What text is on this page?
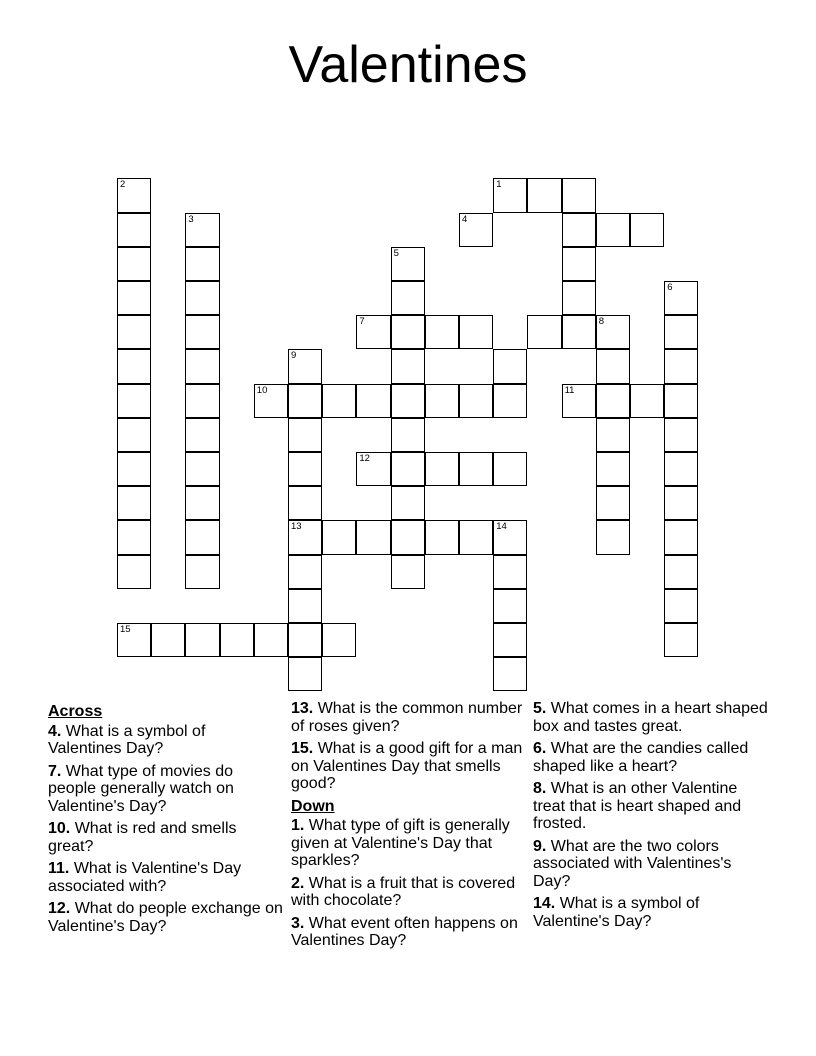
Valentines
1
4
2
3
5
6
7	8
9
10	11
12
13	14
15
Across
4. What is a symbol of Valentines Day?
7. What type of movies do people generally watch on Valentine's Day?
10. What is red and smells great?
11. What is Valentine's Day associated with?
12. What do people exchange on Valentine's Day?
13. What is the common number of roses given?
15. What is a good gift for a man on Valentines Day that smells good?
Down
1. What type of gift is generally given at Valentine's Day that sparkles?
2. What is a fruit that is covered with chocolate?
3. What event often happens on Valentines Day?
5. What comes in a heart shaped box and tastes great.
6. What are the candies called shaped like a heart?
8. What is an other Valentine treat that is heart shaped and frosted.
9. What are the two colors associated with Valentines's Day?
14. What is a symbol of Valentine's Day?
